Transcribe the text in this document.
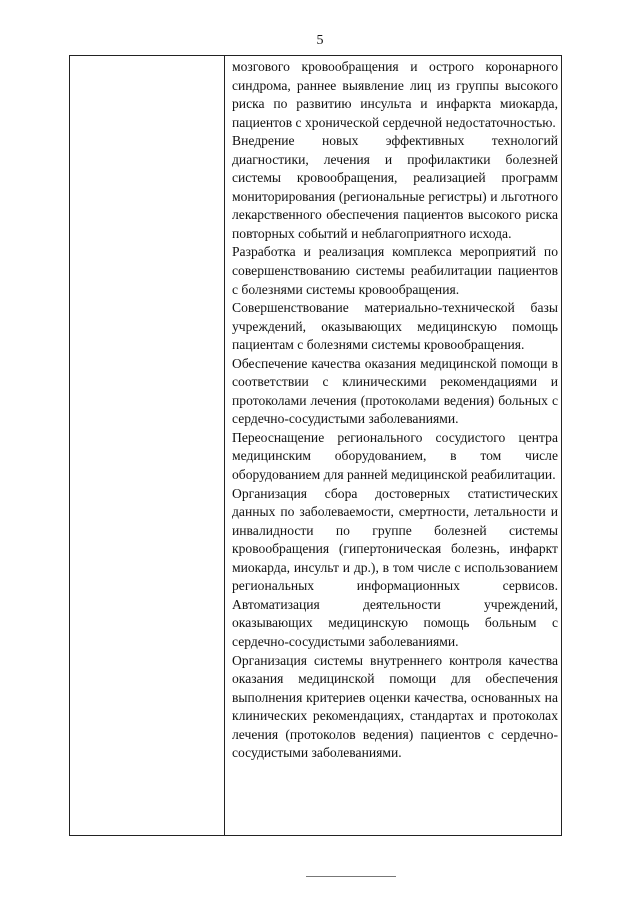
5

мозгового кровообращения и острого коронарного синдрома, раннее выявление лиц из группы высокого риска по развитию инсульта и инфаркта миокарда, пациентов с хронической сердечной недостаточностью.

Внедрение новых эффективных технологий диагностики, лечения и профилактики болезней системы кровообращения, реализацией программ мониторирования (региональные регистры) и льготного лекарственного обеспечения пациентов высокого риска повторных событий и неблагоприятного исхода.

Разработка и реализация комплекса мероприятий по совершенствованию системы реабилитации пациентов с болезнями системы кровообращения.

Совершенствование материально-технической базы учреждений, оказывающих медицинскую помощь пациентам с болезнями системы кровообращения.

Обеспечение качества оказания медицинской помощи в соответствии с клиническими рекомендациями и протоколами лечения (протоколами ведения) больных с сердечно-сосудистыми заболеваниями.

Переоснащение регионального сосудистого центра медицинским оборудованием, в том числе оборудованием для ранней медицинской реабилитации.

Организация сбора достоверных статистических данных по заболеваемости, смертности, летальности и инвалидности по группе болезней системы кровообращения (гипертоническая болезнь, инфаркт миокарда, инсульт и др.), в том числе с использованием региональных информационных сервисов. Автоматизация деятельности учреждений, оказывающих медицинскую помощь больным с сердечно-сосудистыми заболеваниями.

Организация системы внутреннего контроля качества оказания медицинской помощи для обеспечения выполнения критериев оценки качества, основанных на клинических рекомендациях, стандартах и протоколах лечения (протоколов ведения) пациентов с сердечно-сосудистыми заболеваниями.
